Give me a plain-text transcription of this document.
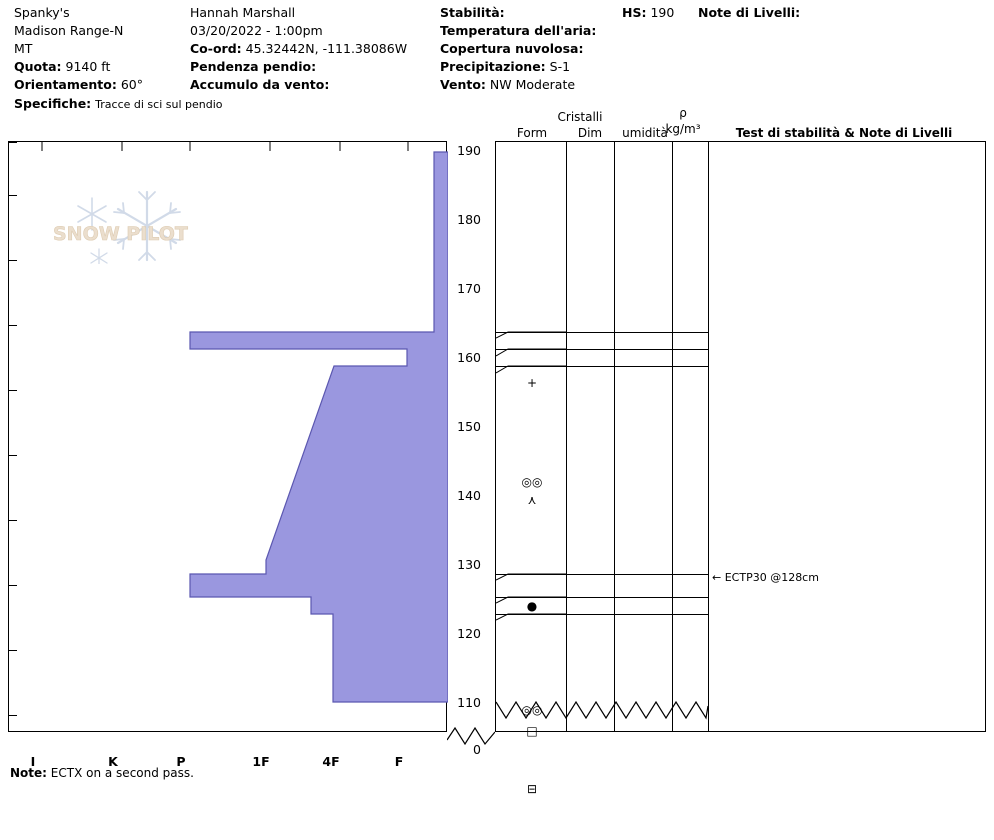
Spanky's
Madison Range-N
MT
Quota: 9140 ft
Orientamento: 60°
Specifiche: Tracce di sci sul pendio
Hannah Marshall
03/20/2022 - 1:00pm
Co-ord: 45.32442N, -111.38086W
Pendenza pendio:
Accumulo da vento:
Stabilità:
Temperatura dell'aria:
Copertura nuvolosa:
Precipitazione: S-1
Vento: NW Moderate
HS: 190 Note di Livelli:
SNOW PILOT
190
180
170
160
150
140
130
120
110
0
Cristalli
Form	Dim	umidità
ρ
kg/m³	Test di stabilità & Note di Livelli
+
◎◎
⋏
●
◎◎
□
⊟
← ECTP30 @128cm
I	K	P	1F	4F	F
Note: ECTX on a second pass.
